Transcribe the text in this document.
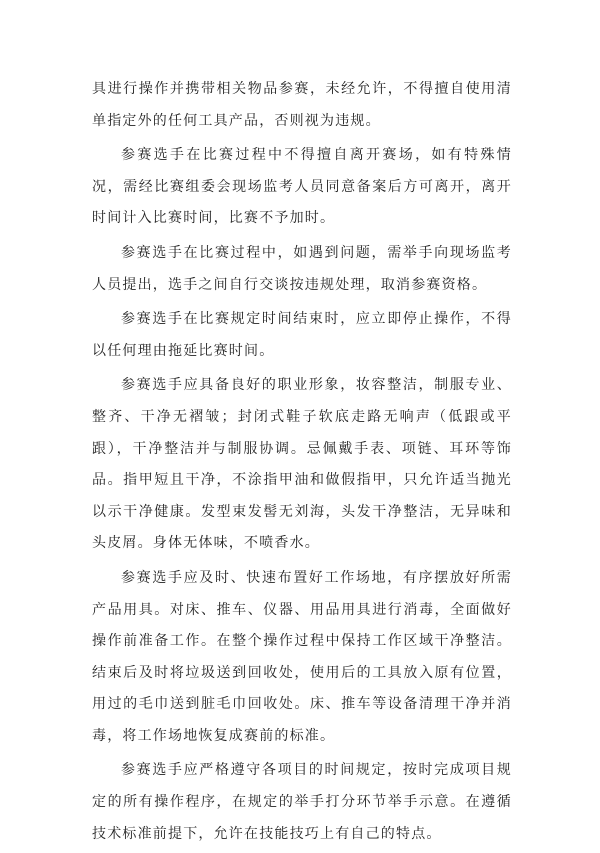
具进行操作并携带相关物品参赛，未经允许，不得擅自使用清单指定外的任何工具产品，否则视为违规。

参赛选手在比赛过程中不得擅自离开赛场，如有特殊情况，需经比赛组委会现场监考人员同意备案后方可离开，离开时间计入比赛时间，比赛不予加时。

参赛选手在比赛过程中，如遇到问题，需举手向现场监考人员提出，选手之间自行交谈按违规处理，取消参赛资格。

参赛选手在比赛规定时间结束时，应立即停止操作，不得以任何理由拖延比赛时间。

参赛选手应具备良好的职业形象，妆容整洁，制服专业、整齐、干净无褶皱；封闭式鞋子软底走路无响声（低跟或平跟），干净整洁并与制服协调。忌佩戴手表、项链、耳环等饰品。指甲短且干净，不涂指甲油和做假指甲，只允许适当抛光以示干净健康。发型束发髻无刘海，头发干净整洁，无异味和头皮屑。身体无体味，不喷香水。

参赛选手应及时、快速布置好工作场地，有序摆放好所需产品用具。对床、推车、仪器、用品用具进行消毒，全面做好操作前准备工作。在整个操作过程中保持工作区域干净整洁。结束后及时将垃圾送到回收处，使用后的工具放入原有位置，用过的毛巾送到脏毛巾回收处。床、推车等设备清理干净并消毒，将工作场地恢复成赛前的标准。

参赛选手应严格遵守各项目的时间规定，按时完成项目规定的所有操作程序，在规定的举手打分环节举手示意。在遵循技术标准前提下，允许在技能技巧上有自己的特点。
